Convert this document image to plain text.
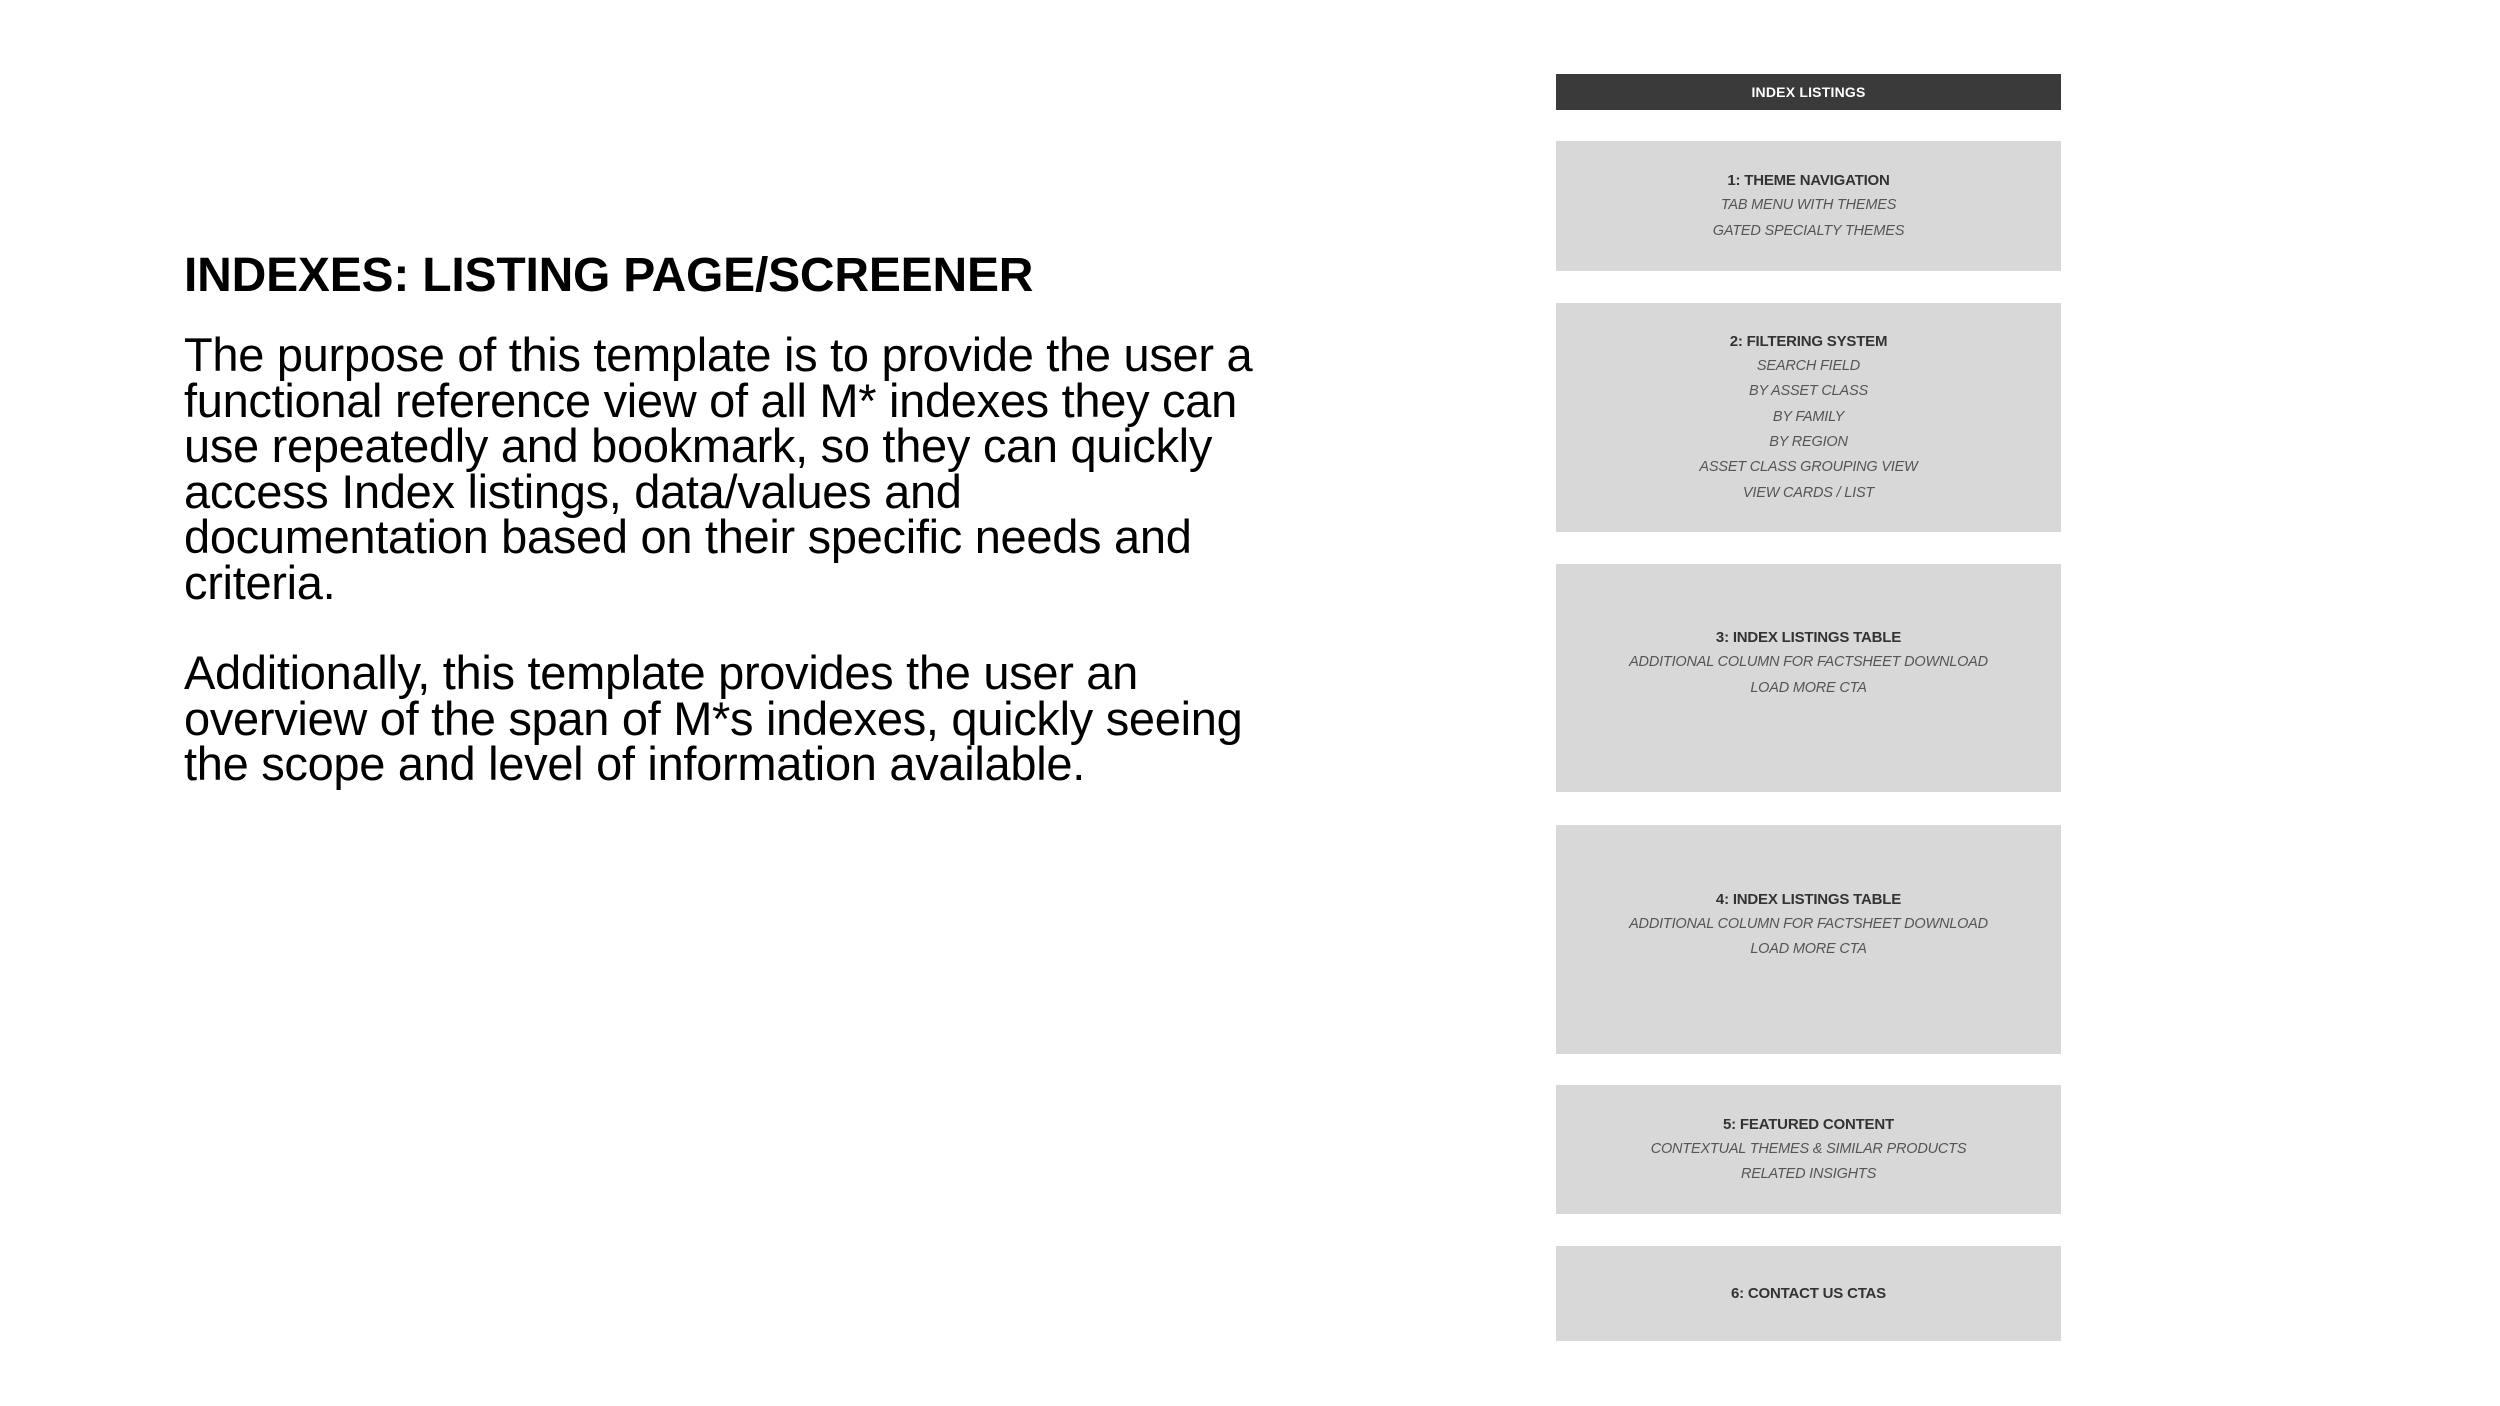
INDEXES: LISTING PAGE/SCREENER

The purpose of this template is to provide the user a functional reference view of all M* indexes they can use repeatedly and bookmark, so they can quickly access Index listings, data/values and documentation based on their specific needs and criteria.

Additionally, this template provides the user an overview of the span of M*s indexes, quickly seeing the scope and level of information available.

INDEX LISTINGS
1: THEME NAVIGATION
TAB MENU WITH THEMES
GATED SPECIALTY THEMES
2: FILTERING SYSTEM
SEARCH FIELD
BY ASSET CLASS
BY FAMILY
BY REGION
ASSET CLASS GROUPING VIEW
VIEW CARDS / LIST
3: INDEX LISTINGS TABLE
ADDITIONAL COLUMN FOR FACTSHEET DOWNLOAD
LOAD MORE CTA
4: INDEX LISTINGS TABLE
ADDITIONAL COLUMN FOR FACTSHEET DOWNLOAD
LOAD MORE CTA
5: FEATURED CONTENT
CONTEXTUAL THEMES & SIMILAR PRODUCTS
RELATED INSIGHTS
6: CONTACT US CTAS
